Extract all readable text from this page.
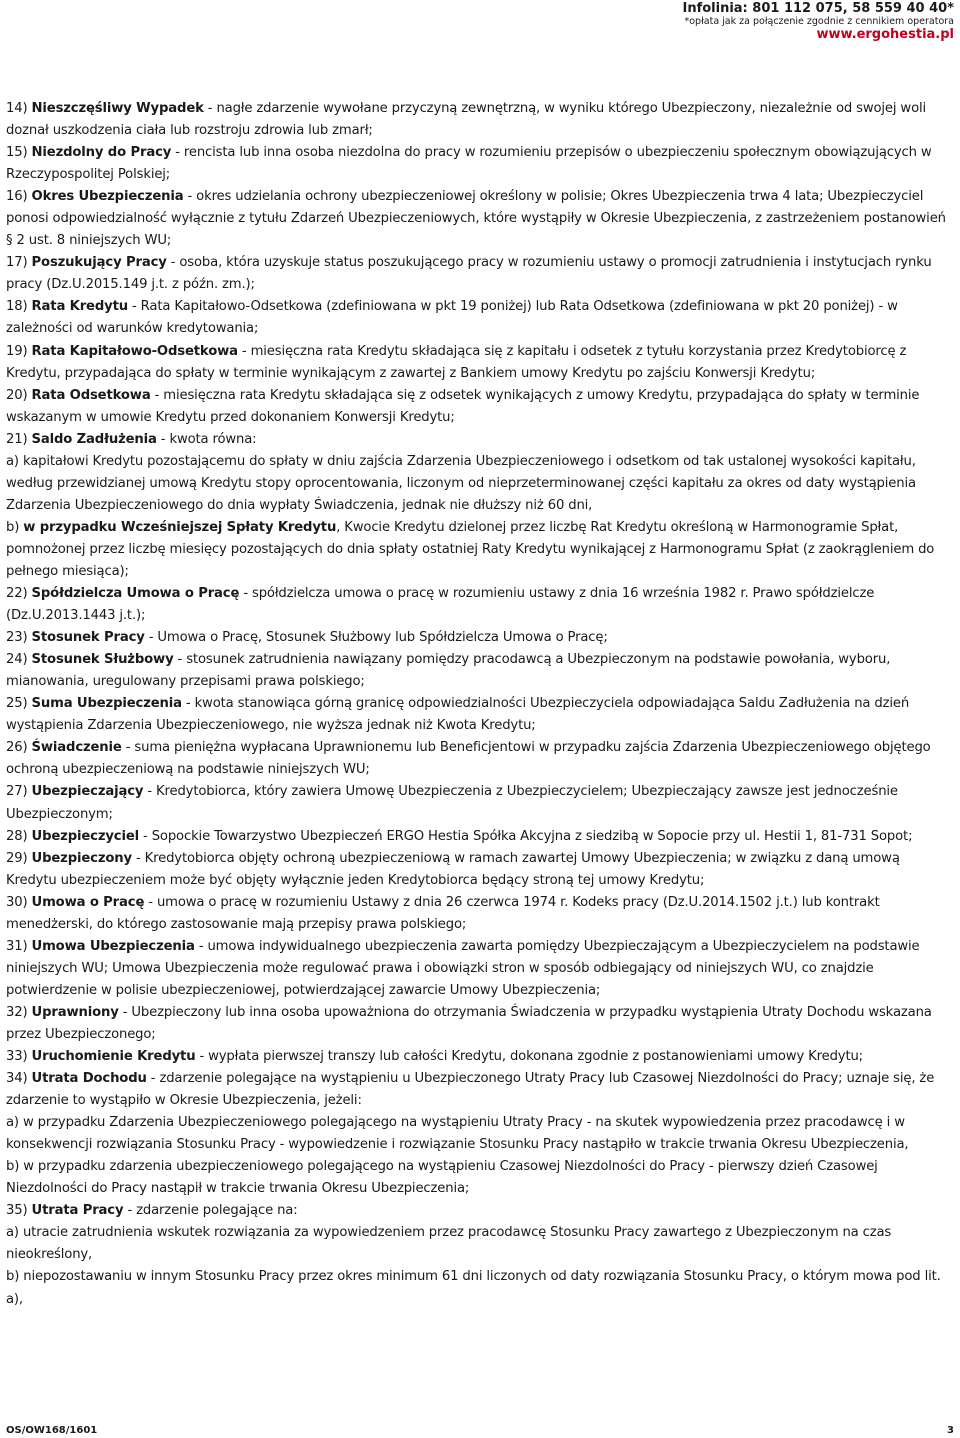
Infolinia: 801 112 075, 58 559 40 40*
*opłata jak za połączenie zgodnie z cennikiem operatora
www.ergohestia.pl

14) Nieszczęśliwy Wypadek - nagłe zdarzenie wywołane przyczyną zewnętrzną, w wyniku którego Ubezpieczony, niezależnie od swojej woli doznał uszkodzenia ciała lub rozstroju zdrowia lub zmarł;

15) Niezdolny do Pracy - rencista lub inna osoba niezdolna do pracy w rozumieniu przepisów o ubezpieczeniu społecznym obowiązujących w Rzeczypospolitej Polskiej;

16) Okres Ubezpieczenia - okres udzielania ochrony ubezpieczeniowej określony w polisie; Okres Ubezpieczenia trwa 4 lata; Ubezpieczyciel ponosi odpowiedzialność wyłącznie z tytułu Zdarzeń Ubezpieczeniowych, które wystąpiły w Okresie Ubezpieczenia, z zastrzeżeniem postanowień § 2 ust. 8 niniejszych WU;

17) Poszukujący Pracy - osoba, która uzyskuje status poszukującego pracy w rozumieniu ustawy o promocji zatrudnienia i instytucjach rynku pracy (Dz.U.2015.149 j.t. z późn. zm.);

18) Rata Kredytu - Rata Kapitałowo-Odsetkowa (zdefiniowana w pkt 19 poniżej) lub Rata Odsetkowa (zdefiniowana w pkt 20 poniżej) - w zależności od warunków kredytowania;

19) Rata Kapitałowo-Odsetkowa - miesięczna rata Kredytu składająca się z kapitału i odsetek z tytułu korzystania przez Kredytobiorcę z Kredytu, przypadająca do spłaty w terminie wynikającym z zawartej z Bankiem umowy Kredytu po zajściu Konwersji Kredytu;

20) Rata Odsetkowa - miesięczna rata Kredytu składająca się z odsetek wynikających z umowy Kredytu, przypadająca do spłaty w terminie wskazanym w umowie Kredytu przed dokonaniem Konwersji Kredytu;

21) Saldo Zadłużenia - kwota równa:

a) kapitałowi Kredytu pozostającemu do spłaty w dniu zajścia Zdarzenia Ubezpieczeniowego i odsetkom od tak ustalonej wysokości kapitału, według przewidzianej umową Kredytu stopy oprocentowania, liczonym od nieprzeterminowanej części kapitału za okres od daty wystąpienia Zdarzenia Ubezpieczeniowego do dnia wypłaty Świadczenia, jednak nie dłuższy niż 60 dni,

b) w przypadku Wcześniejszej Spłaty Kredytu, Kwocie Kredytu dzielonej przez liczbę Rat Kredytu określoną w Harmonogramie Spłat, pomnożonej przez liczbę miesięcy pozostających do dnia spłaty ostatniej Raty Kredytu wynikającej z Harmonogramu Spłat (z zaokrągleniem do pełnego miesiąca);

22) Spółdzielcza Umowa o Pracę - spółdzielcza umowa o pracę w rozumieniu ustawy z dnia 16 września 1982 r. Prawo spółdzielcze (Dz.U.2013.1443 j.t.);

23) Stosunek Pracy - Umowa o Pracę, Stosunek Służbowy lub Spółdzielcza Umowa o Pracę;

24) Stosunek Służbowy - stosunek zatrudnienia nawiązany pomiędzy pracodawcą a Ubezpieczonym na podstawie powołania, wyboru, mianowania, uregulowany przepisami prawa polskiego;

25) Suma Ubezpieczenia - kwota stanowiąca górną granicę odpowiedzialności Ubezpieczyciela odpowiadająca Saldu Zadłużenia na dzień wystąpienia Zdarzenia Ubezpieczeniowego, nie wyższa jednak niż Kwota Kredytu;

26) Świadczenie - suma pieniężna wypłacana Uprawnionemu lub Beneficjentowi w przypadku zajścia Zdarzenia Ubezpieczeniowego objętego ochroną ubezpieczeniową na podstawie niniejszych WU;

27) Ubezpieczający - Kredytobiorca, który zawiera Umowę Ubezpieczenia z Ubezpieczycielem; Ubezpieczający zawsze jest jednocześnie Ubezpieczonym;

28) Ubezpieczyciel - Sopockie Towarzystwo Ubezpieczeń ERGO Hestia Spółka Akcyjna z siedzibą w Sopocie przy ul. Hestii 1, 81-731 Sopot;

29) Ubezpieczony - Kredytobiorca objęty ochroną ubezpieczeniową w ramach zawartej Umowy Ubezpieczenia; w związku z daną umową Kredytu ubezpieczeniem może być objęty wyłącznie jeden Kredytobiorca będący stroną tej umowy Kredytu;

30) Umowa o Pracę - umowa o pracę w rozumieniu Ustawy z dnia 26 czerwca 1974 r. Kodeks pracy (Dz.U.2014.1502 j.t.) lub kontrakt menedżerski, do którego zastosowanie mają przepisy prawa polskiego;

31) Umowa Ubezpieczenia - umowa indywidualnego ubezpieczenia zawarta pomiędzy Ubezpieczającym a Ubezpieczycielem na podstawie niniejszych WU; Umowa Ubezpieczenia może regulować prawa i obowiązki stron w sposób odbiegający od niniejszych WU, co znajdzie potwierdzenie w polisie ubezpieczeniowej, potwierdzającej zawarcie Umowy Ubezpieczenia;

32) Uprawniony - Ubezpieczony lub inna osoba upoważniona do otrzymania Świadczenia w przypadku wystąpienia Utraty Dochodu wskazana przez Ubezpieczonego;

33) Uruchomienie Kredytu - wypłata pierwszej transzy lub całości Kredytu, dokonana zgodnie z postanowieniami umowy Kredytu;

34) Utrata Dochodu - zdarzenie polegające na wystąpieniu u Ubezpieczonego Utraty Pracy lub Czasowej Niezdolności do Pracy; uznaje się, że zdarzenie to wystąpiło w Okresie Ubezpieczenia, jeżeli:

a) w przypadku Zdarzenia Ubezpieczeniowego polegającego na wystąpieniu Utraty Pracy - na skutek wypowiedzenia przez pracodawcę i w konsekwencji rozwiązania Stosunku Pracy - wypowiedzenie i rozwiązanie Stosunku Pracy nastąpiło w trakcie trwania Okresu Ubezpieczenia,

b) w przypadku zdarzenia ubezpieczeniowego polegającego na wystąpieniu Czasowej Niezdolności do Pracy - pierwszy dzień Czasowej Niezdolności do Pracy nastąpił w trakcie trwania Okresu Ubezpieczenia;

35) Utrata Pracy - zdarzenie polegające na:

a) utracie zatrudnienia wskutek rozwiązania za wypowiedzeniem przez pracodawcę Stosunku Pracy zawartego z Ubezpieczonym na czas nieokreślony,

b) niepozostawaniu w innym Stosunku Pracy przez okres minimum 61 dni liczonych od daty rozwiązania Stosunku Pracy, o którym mowa pod lit. a),

OS/OW168/1601	3
